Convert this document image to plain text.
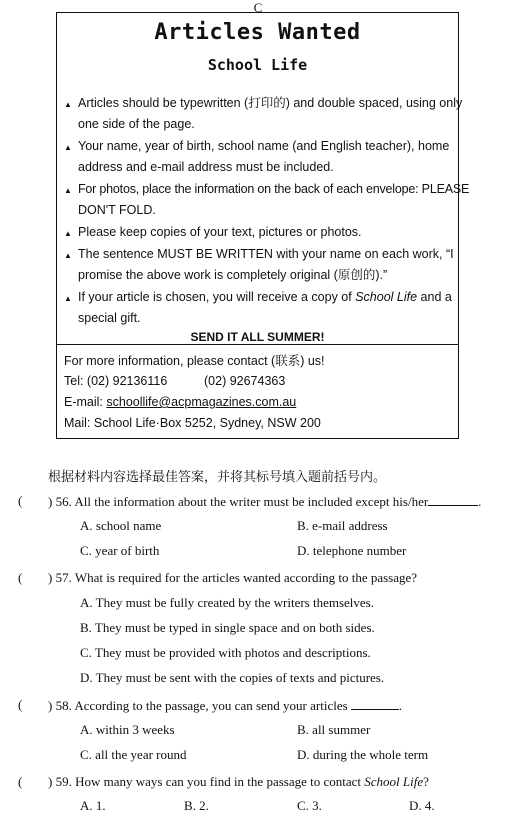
C
Articles Wanted
School Life
▲ Articles should be typewritten (打印的) and double spaced, using only
one side of the page.
▲ Your name, year of birth, school name (and English teacher), home
address and e-mail address must be included.
▲ For photos, place the information on the back of each envelope: PLEASE
DON'T FOLD.
▲ Please keep copies of your text, pictures or photos.
▲ The sentence MUST BE WRITTEN with your name on each work, “I
promise the above work is completely original (原创的).”
▲ If your article is chosen, you will receive a copy of School Life and a
special gift.
SEND IT ALL SUMMER!
For more information, please contact (联系) us!
Tel: (02) 92136116	(02) 92674363
E-mail: schoollife@acpmagazines.com.au
Mail: School Life·Box 5252, Sydney, NSW 200
根据材料内容选择最佳答案，并将其标号填入题前括号内。
( ) 56. All the information about the writer must be included except his/her	.
A. school name	B. e-mail address
C. year of birth	D. telephone number
( ) 57. What is required for the articles wanted according to the passage?
A. They must be fully created by the writers themselves.
B. They must be typed in single space and on both sides.
C. They must be provided with photos and descriptions.
D. They must be sent with the copies of texts and pictures.
( ) 58. According to the passage, you can send your articles	.
A. within 3 weeks	B. all summer
C. all the year round	D. during the whole term
( ) 59. How many ways can you find in the passage to contact School Life?
A. 1.	B. 2.	C. 3.	D. 4.
